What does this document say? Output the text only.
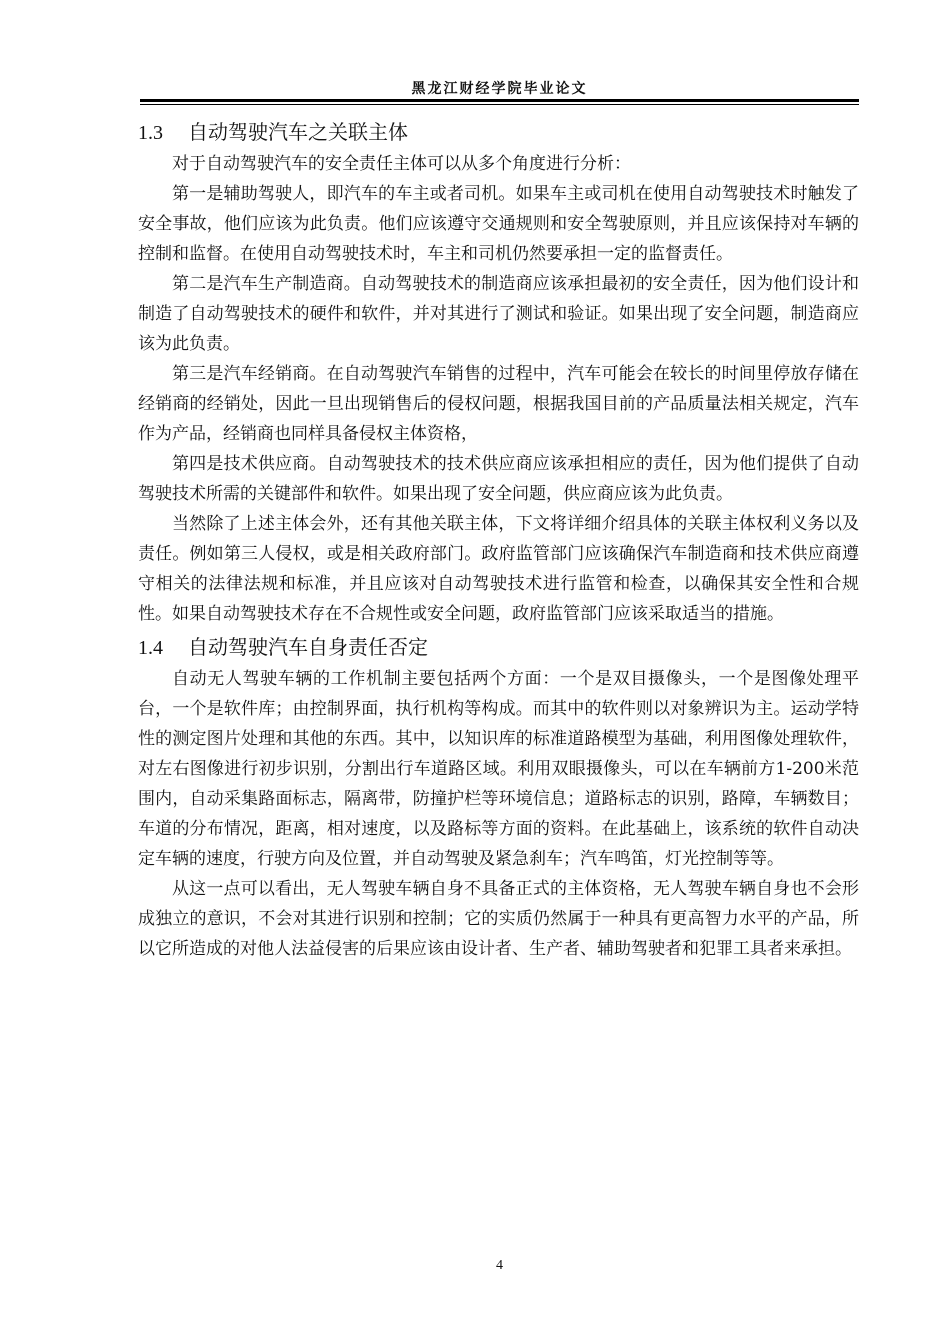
黑龙江财经学院毕业论文
1.3 自动驾驶汽车之关联主体

对于自动驾驶汽车的安全责任主体可以从多个角度进行分析：

第一是辅助驾驶人，即汽车的车主或者司机。如果车主或司机在使用自动驾驶技术时触发了安全事故，他们应该为此负责。他们应该遵守交通规则和安全驾驶原则，并且应该保持对车辆的控制和监督。在使用自动驾驶技术时，车主和司机仍然要承担一定的监督责任。

第二是汽车生产制造商。自动驾驶技术的制造商应该承担最初的安全责任，因为他们设计和制造了自动驾驶技术的硬件和软件，并对其进行了测试和验证。如果出现了安全问题，制造商应该为此负责。

第三是汽车经销商。在自动驾驶汽车销售的过程中，汽车可能会在较长的时间里停放存储在经销商的经销处，因此一旦出现销售后的侵权问题，根据我国目前的产品质量法相关规定，汽车作为产品，经销商也同样具备侵权主体资格，

第四是技术供应商。自动驾驶技术的技术供应商应该承担相应的责任，因为他们提供了自动驾驶技术所需的关键部件和软件。如果出现了安全问题，供应商应该为此负责。

当然除了上述主体会外，还有其他关联主体，下文将详细介绍具体的关联主体权利义务以及责任。例如第三人侵权，或是相关政府部门。政府监管部门应该确保汽车制造商和技术供应商遵守相关的法律法规和标准，并且应该对自动驾驶技术进行监管和检查，以确保其安全性和合规性。如果自动驾驶技术存在不合规性或安全问题，政府监管部门应该采取适当的措施。

1.4 自动驾驶汽车自身责任否定

自动无人驾驶车辆的工作机制主要包括两个方面：一个是双目摄像头，一个是图像处理平台，一个是软件库；由控制界面，执行机构等构成。而其中的软件则以对象辨识为主。运动学特性的测定图片处理和其他的东西。其中，以知识库的标准道路模型为基础，利用图像处理软件，对左右图像进行初步识别，分割出行车道路区域。利用双眼摄像头，可以在车辆前方1-200米范围内，自动采集路面标志，隔离带，防撞护栏等环境信息；道路标志的识别，路障，车辆数目；车道的分布情况，距离，相对速度，以及路标等方面的资料。在此基础上，该系统的软件自动决定车辆的速度，行驶方向及位置，并自动驾驶及紧急刹车；汽车鸣笛，灯光控制等等。

从这一点可以看出，无人驾驶车辆自身不具备正式的主体资格，无人驾驶车辆自身也不会形成独立的意识，不会对其进行识别和控制；它的实质仍然属于一种具有更高智力水平的产品，所以它所造成的对他人法益侵害的后果应该由设计者、生产者、辅助驾驶者和犯罪工具者来承担。

4
